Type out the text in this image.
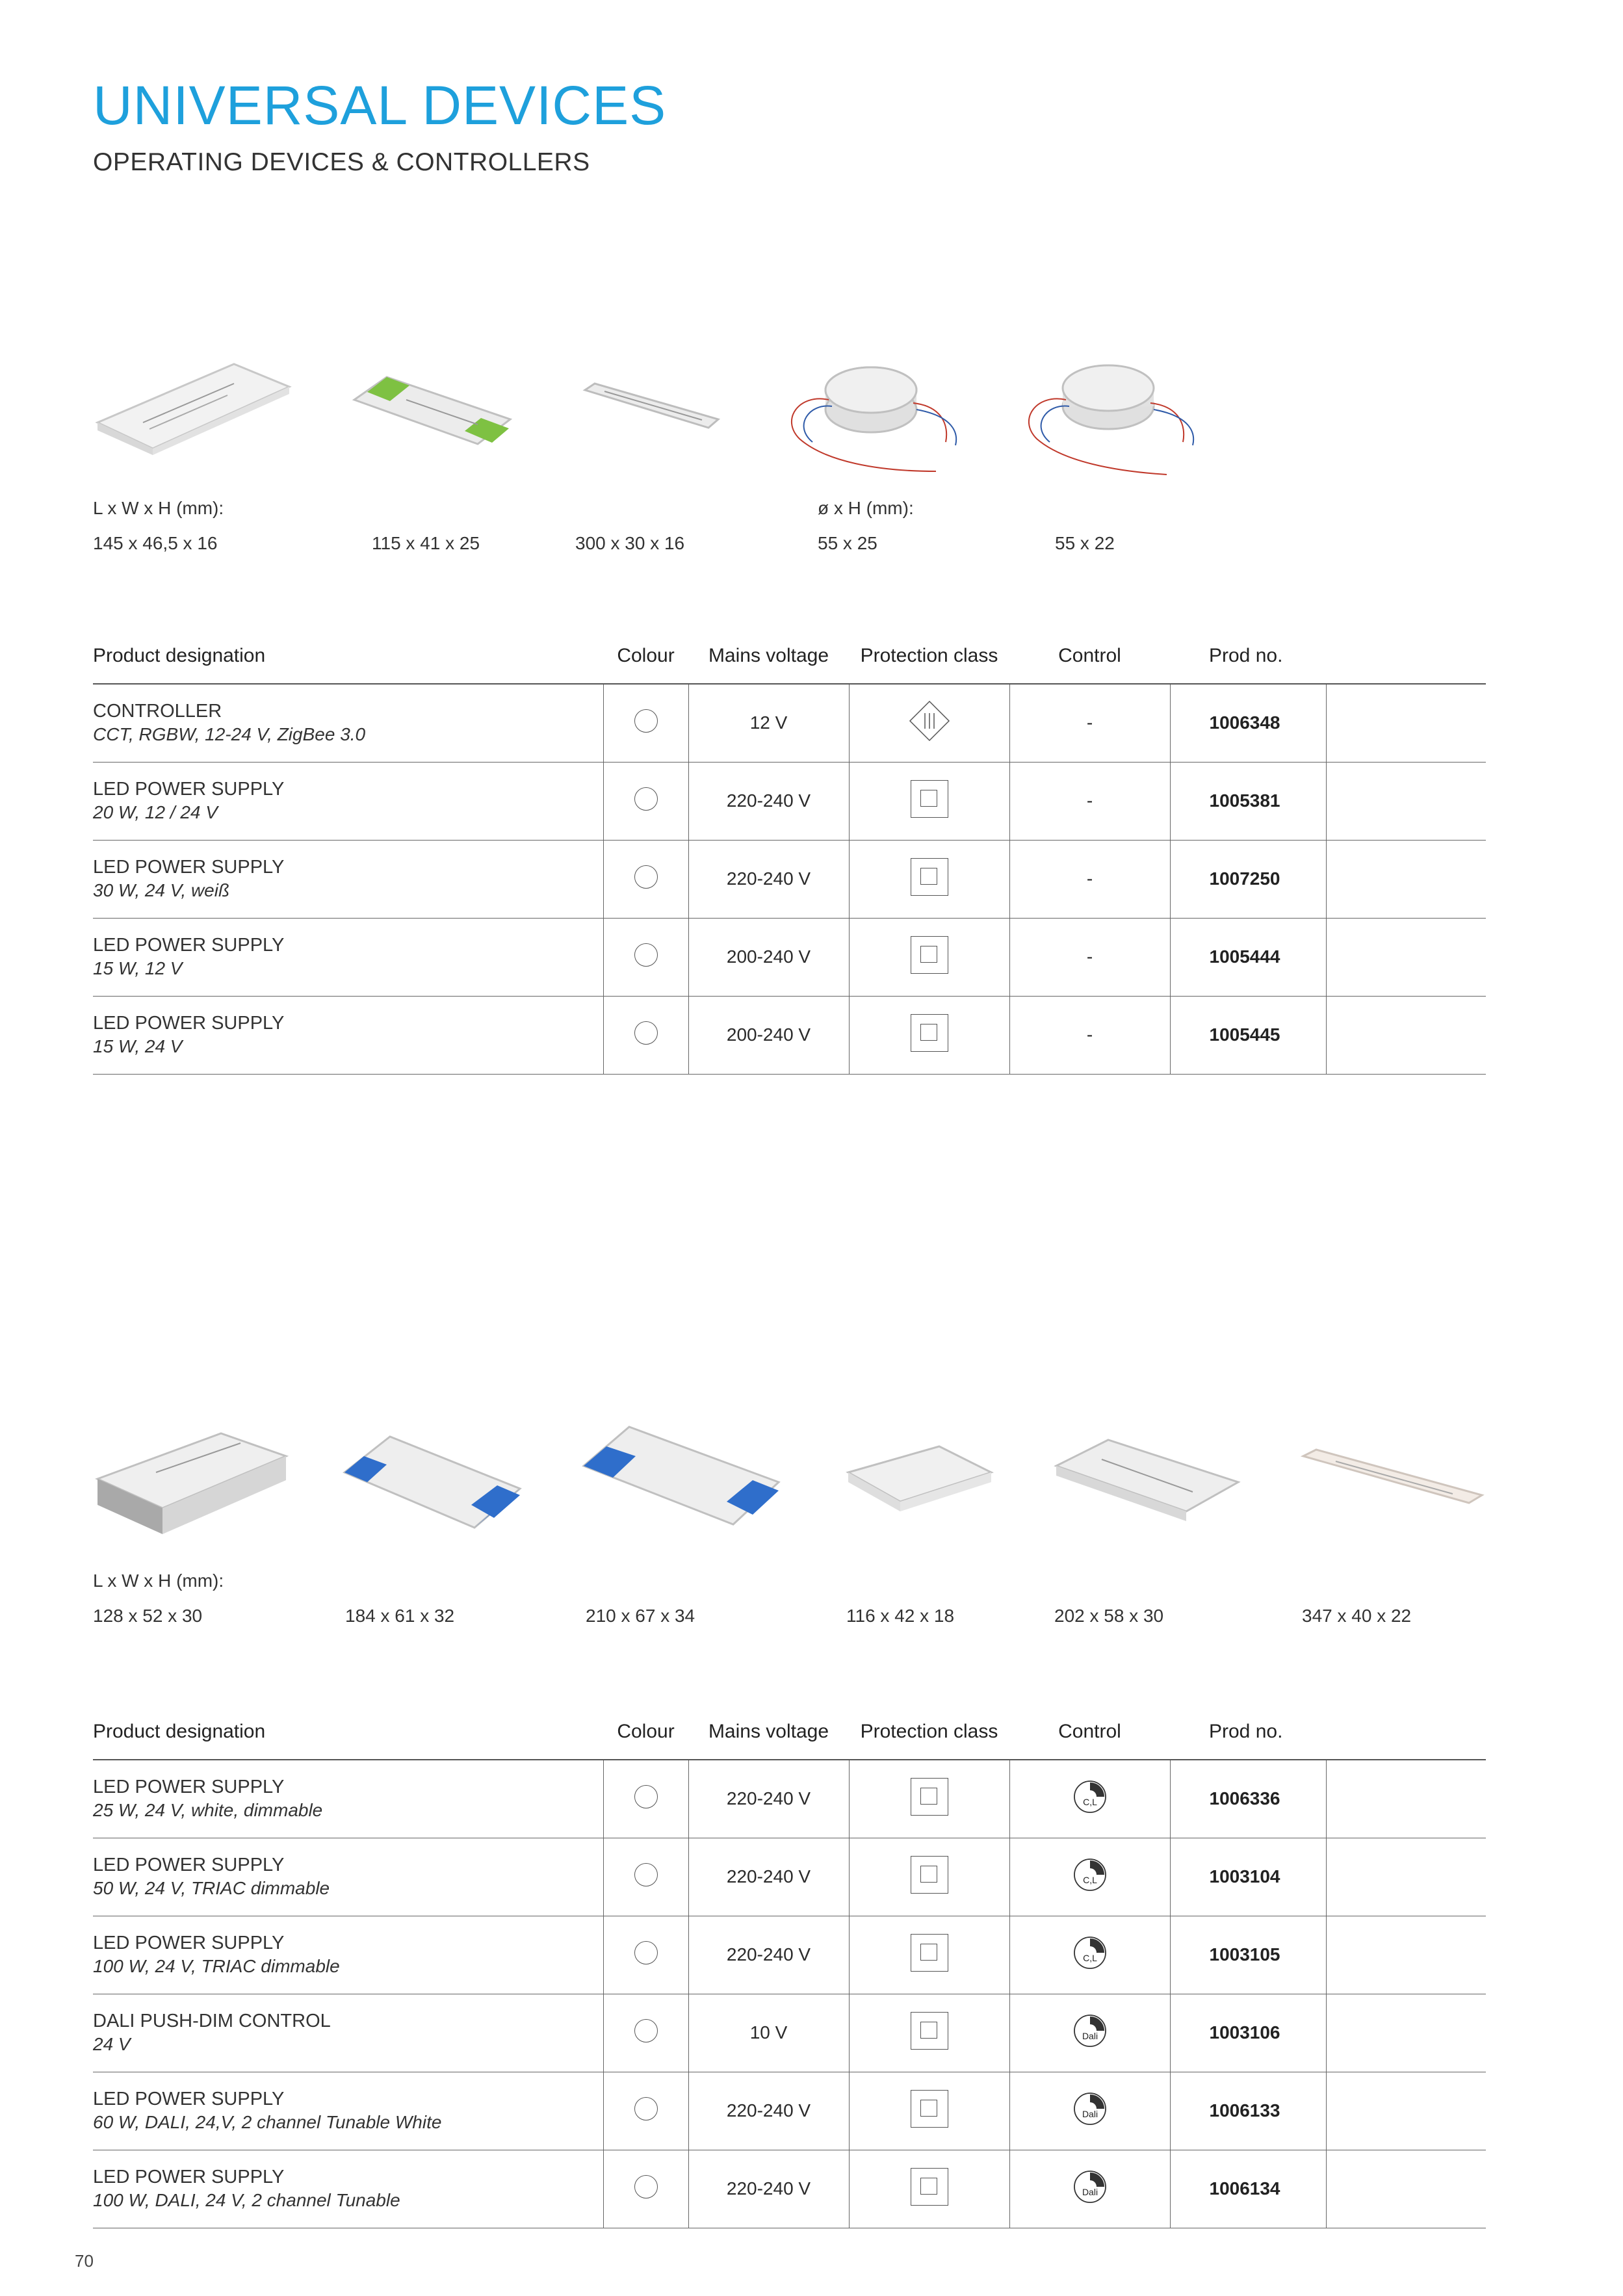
UNIVERSAL DEVICES
OPERATING DEVICES & CONTROLLERS
L x W x H (mm):	ø x H (mm):
145 x 46,5 x 16	115 x 41 x 25	300 x 30 x 16	55 x 25	55 x 22
Product designation	Colour	Mains voltage	Protection class	Control	Prod no.	

CONTROLLER
CCT, RGBW, 12-24 V, ZigBee 3.0		12 V		-	1006348	

LED POWER SUPPLY
20 W, 12 / 24 V		220-240 V		-	1005381	

LED POWER SUPPLY
30 W, 24 V, weiß		220-240 V		-	1007250	

LED POWER SUPPLY
15 W, 12 V		200-240 V		-	1005444	

LED POWER SUPPLY
15 W, 24 V		200-240 V		-	1005445	
L x W x H (mm):
128 x 52 x 30	184 x 61 x 32	210 x 67 x 34	116 x 42 x 18	202 x 58 x 30	347 x 40 x 22
Product designation	Colour	Mains voltage	Protection class	Control	Prod no.	

LED POWER SUPPLY
25 W, 24 V, white, dimmable		220-240 V		C,L	1006336	

LED POWER SUPPLY
50 W, 24 V, TRIAC dimmable		220-240 V		C,L	1003104	

LED POWER SUPPLY
100 W, 24 V, TRIAC dimmable		220-240 V		C,L	1003105	

DALI PUSH-DIM CONTROL
24 V		10 V		Dali	1003106	

LED POWER SUPPLY
60 W, DALI, 24,V, 2 channel Tunable White		220-240 V		Dali	1006133	

LED POWER SUPPLY
100 W, DALI, 24 V, 2 channel Tunable		220-240 V		Dali	1006134	
70
